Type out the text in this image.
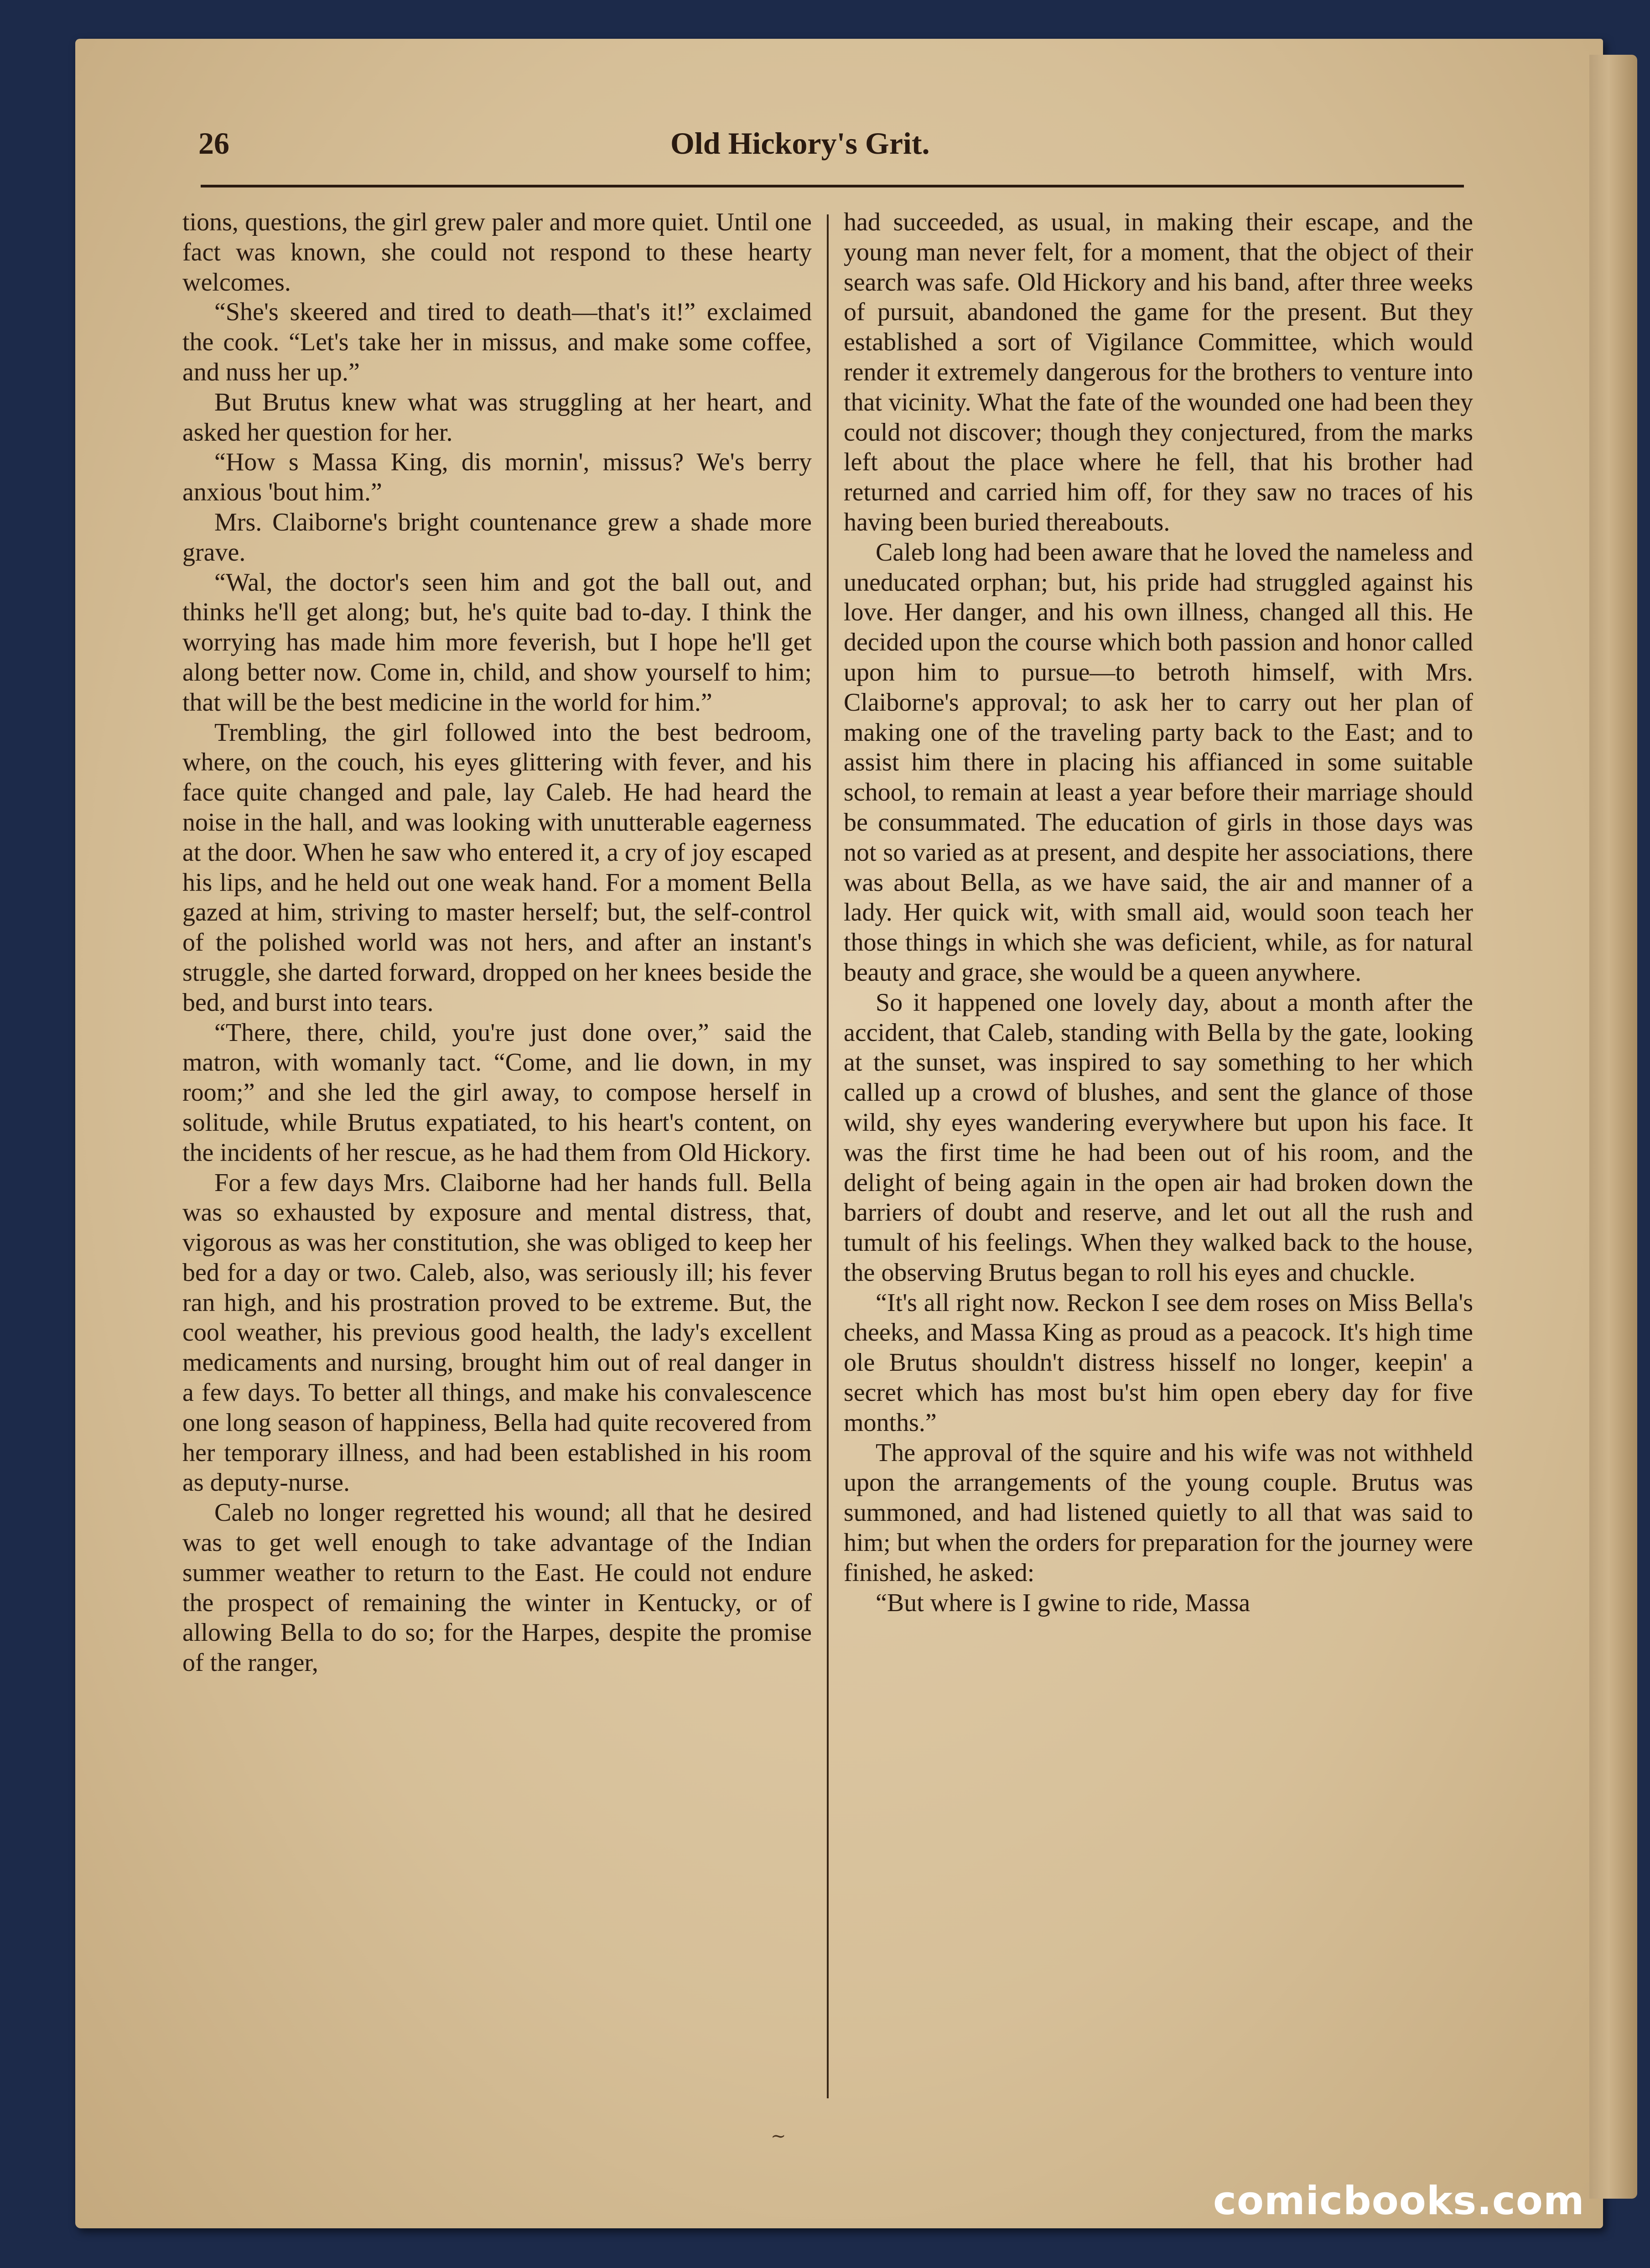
26	Old Hickory's Grit.

tions, questions, the girl grew paler and more quiet. Until one fact was known, she could not respond to these hearty welcomes.

“She's skeered and tired to death—that's it!” exclaimed the cook. “Let's take her in missus, and make some coffee, and nuss her up.”

But Brutus knew what was struggling at her heart, and asked her question for her.

“How s Massa King, dis mornin', missus? We's berry anxious 'bout him.”

Mrs. Claiborne's bright countenance grew a shade more grave.

“Wal, the doctor's seen him and got the ball out, and thinks he'll get along; but, he's quite bad to-day. I think the worrying has made him more feverish, but I hope he'll get along better now. Come in, child, and show yourself to him; that will be the best medicine in the world for him.”

Trembling, the girl followed into the best bedroom, where, on the couch, his eyes glittering with fever, and his face quite changed and pale, lay Caleb. He had heard the noise in the hall, and was looking with unutterable eagerness at the door. When he saw who entered it, a cry of joy escaped his lips, and he held out one weak hand. For a moment Bella gazed at him, striving to master herself; but, the self-control of the polished world was not hers, and after an instant's struggle, she darted forward, dropped on her knees beside the bed, and burst into tears.

“There, there, child, you're just done over,” said the matron, with womanly tact. “Come, and lie down, in my room;” and she led the girl away, to compose herself in solitude, while Brutus expatiated, to his heart's content, on the incidents of her rescue, as he had them from Old Hickory.

For a few days Mrs. Claiborne had her hands full. Bella was so exhausted by exposure and mental distress, that, vigorous as was her constitution, she was obliged to keep her bed for a day or two. Caleb, also, was seriously ill; his fever ran high, and his prostration proved to be extreme. But, the cool weather, his previous good health, the lady's excellent medicaments and nursing, brought him out of real danger in a few days. To better all things, and make his convalescence one long season of happiness, Bella had quite recovered from her temporary illness, and had been established in his room as deputy-nurse.

Caleb no longer regretted his wound; all that he desired was to get well enough to take advantage of the Indian summer weather to return to the East. He could not endure the prospect of remaining the winter in Kentucky, or of allowing Bella to do so; for the Harpes, despite the promise of the ranger,

had succeeded, as usual, in making their escape, and the young man never felt, for a moment, that the object of their search was safe. Old Hickory and his band, after three weeks of pursuit, abandoned the game for the present. But they established a sort of Vigilance Committee, which would render it extremely dangerous for the brothers to venture into that vicinity. What the fate of the wounded one had been they could not discover; though they conjectured, from the marks left about the place where he fell, that his brother had returned and carried him off, for they saw no traces of his having been buried thereabouts.

Caleb long had been aware that he loved the nameless and uneducated orphan; but, his pride had struggled against his love. Her danger, and his own illness, changed all this. He decided upon the course which both passion and honor called upon him to pursue—to betroth himself, with Mrs. Claiborne's approval; to ask her to carry out her plan of making one of the traveling party back to the East; and to assist him there in placing his affianced in some suitable school, to remain at least a year before their marriage should be consummated. The education of girls in those days was not so varied as at present, and despite her associations, there was about Bella, as we have said, the air and manner of a lady. Her quick wit, with small aid, would soon teach her those things in which she was deficient, while, as for natural beauty and grace, she would be a queen anywhere.

So it happened one lovely day, about a month after the accident, that Caleb, standing with Bella by the gate, looking at the sunset, was inspired to say something to her which called up a crowd of blushes, and sent the glance of those wild, shy eyes wandering everywhere but upon his face. It was the first time he had been out of his room, and the delight of being again in the open air had broken down the barriers of doubt and reserve, and let out all the rush and tumult of his feelings. When they walked back to the house, the observing Brutus began to roll his eyes and chuckle.

“It's all right now. Reckon I see dem roses on Miss Bella's cheeks, and Massa King as proud as a peacock. It's high time ole Brutus shouldn't distress hisself no longer, keepin' a secret which has most bu'st him open ebery day for five months.”

The approval of the squire and his wife was not withheld upon the arrangements of the young couple. Brutus was summoned, and had listened quietly to all that was said to him; but when the orders for preparation for the journey were finished, he asked:

“But where is I gwine to ride, Massa

~
comicbooks.com
